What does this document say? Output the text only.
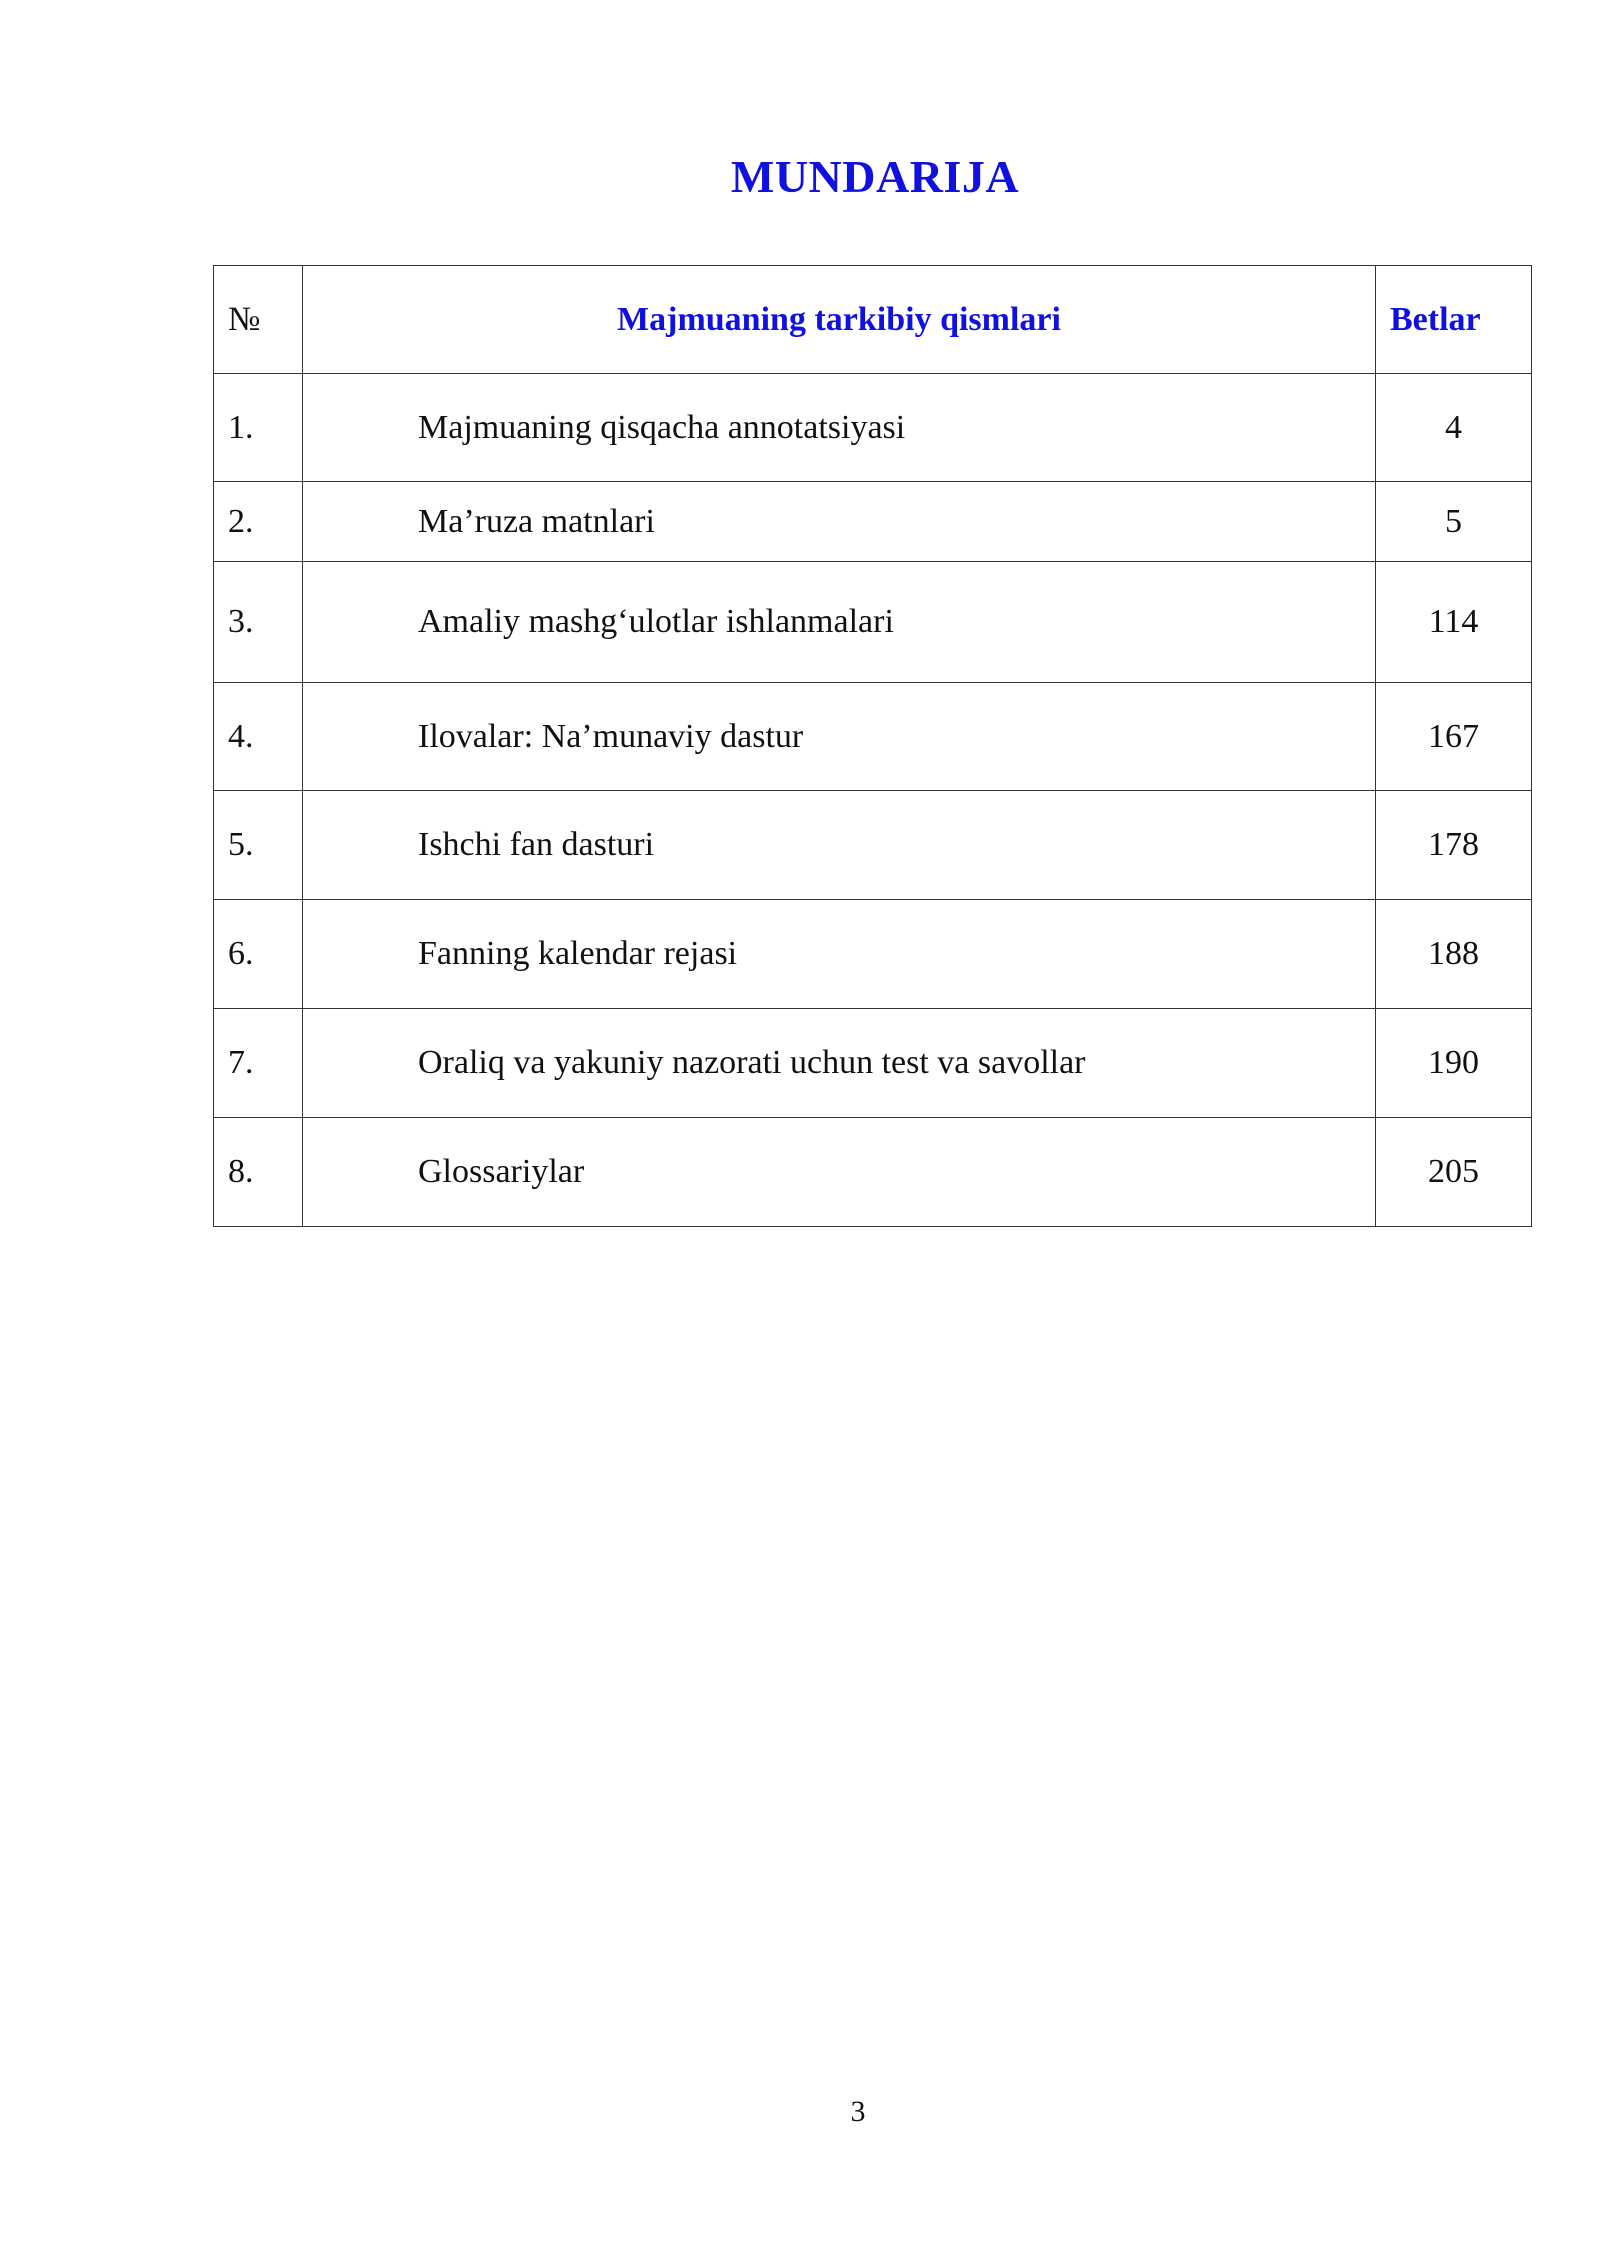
MUNDARIJA
№	Majmuaning tarkibiy qismlari	Betlar
1.	Majmuaning qisqacha annotatsiyasi	4
2.	Ma’ruza matnlari	5
3.	Amaliy mashg‘ulotlar ishlanmalari	114
4.	Ilovalar: Na’munaviy dastur	167
5.	Ishchi fan dasturi	178
6.	Fanning kalendar rejasi	188
7.	Oraliq va yakuniy nazorati uchun test va savollar	190
8.	Glossariylar	205
3
